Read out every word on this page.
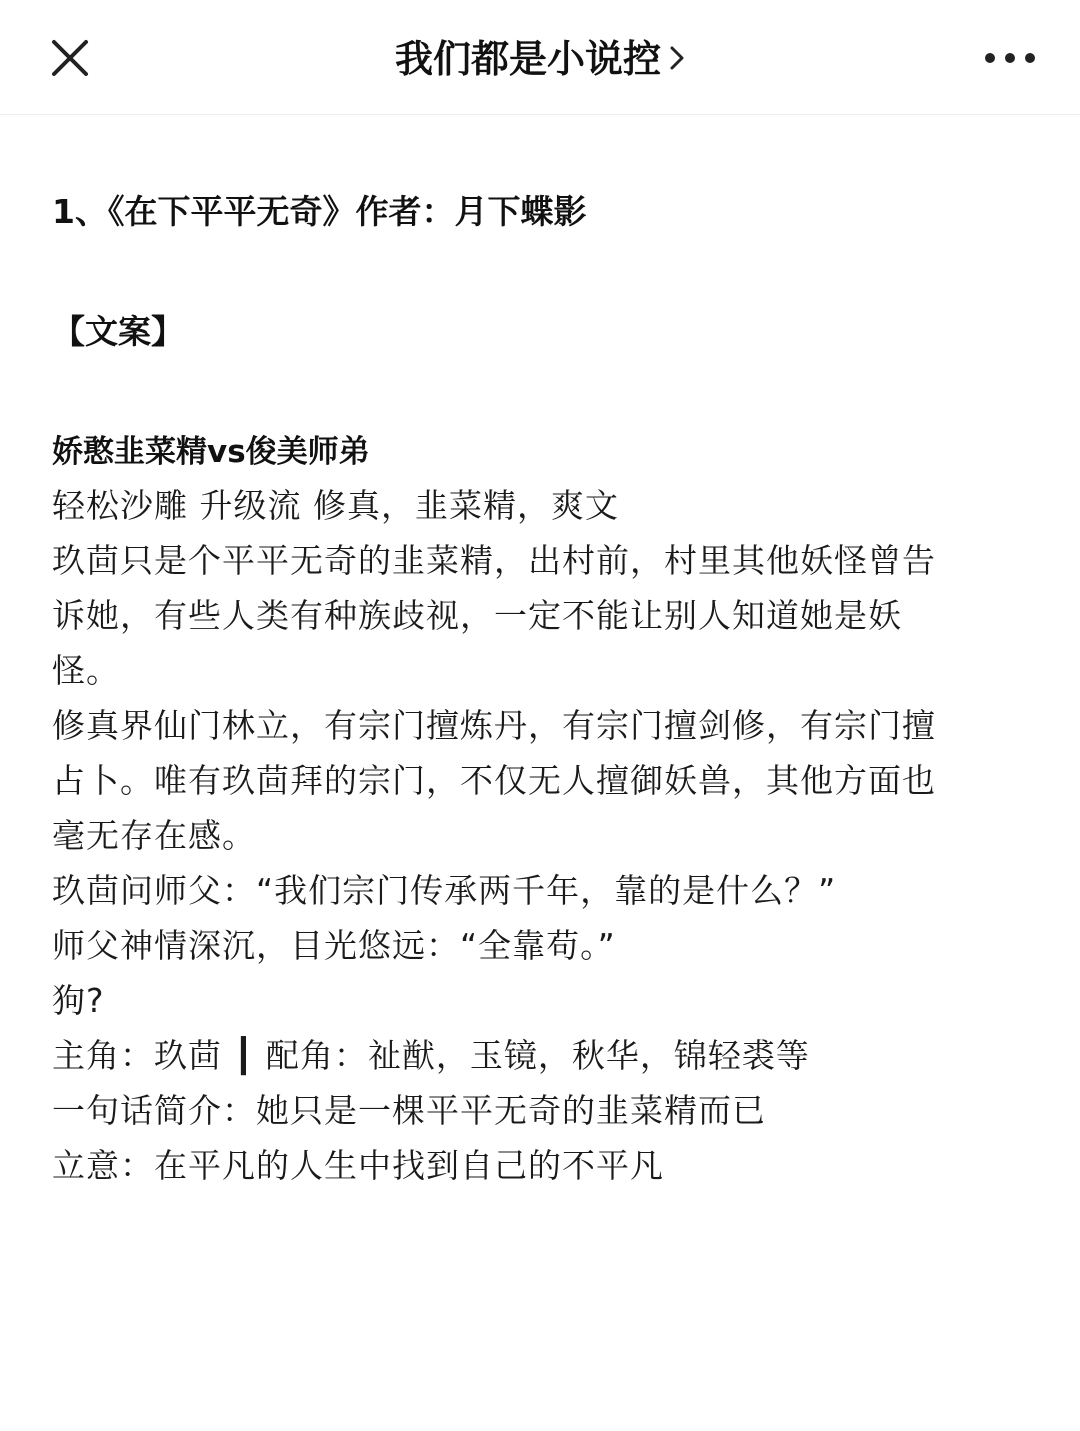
我们都是小说控

1、《在下平平无奇》作者：月下蝶影

【文案】

娇憨韭菜精vs俊美师弟

轻松沙雕 升级流 修真，韭菜精，爽文

玖茴只是个平平无奇的韭菜精，出村前，村里其他妖怪曾告

诉她，有些人类有种族歧视，一定不能让别人知道她是妖

怪。

修真界仙门林立，有宗门擅炼丹，有宗门擅剑修，有宗门擅

占卜。唯有玖茴拜的宗门，不仅无人擅御妖兽，其他方面也

毫无存在感。

玖茴问师父：“我们宗门传承两千年，靠的是什么？”

师父神情深沉，目光悠远：“全靠苟。”

狗?

主角：玖茴 ┃ 配角：祉猷，玉镜，秋华，锦轻裘等

一句话简介：她只是一棵平平无奇的韭菜精而已

立意：在平凡的人生中找到自己的不平凡
